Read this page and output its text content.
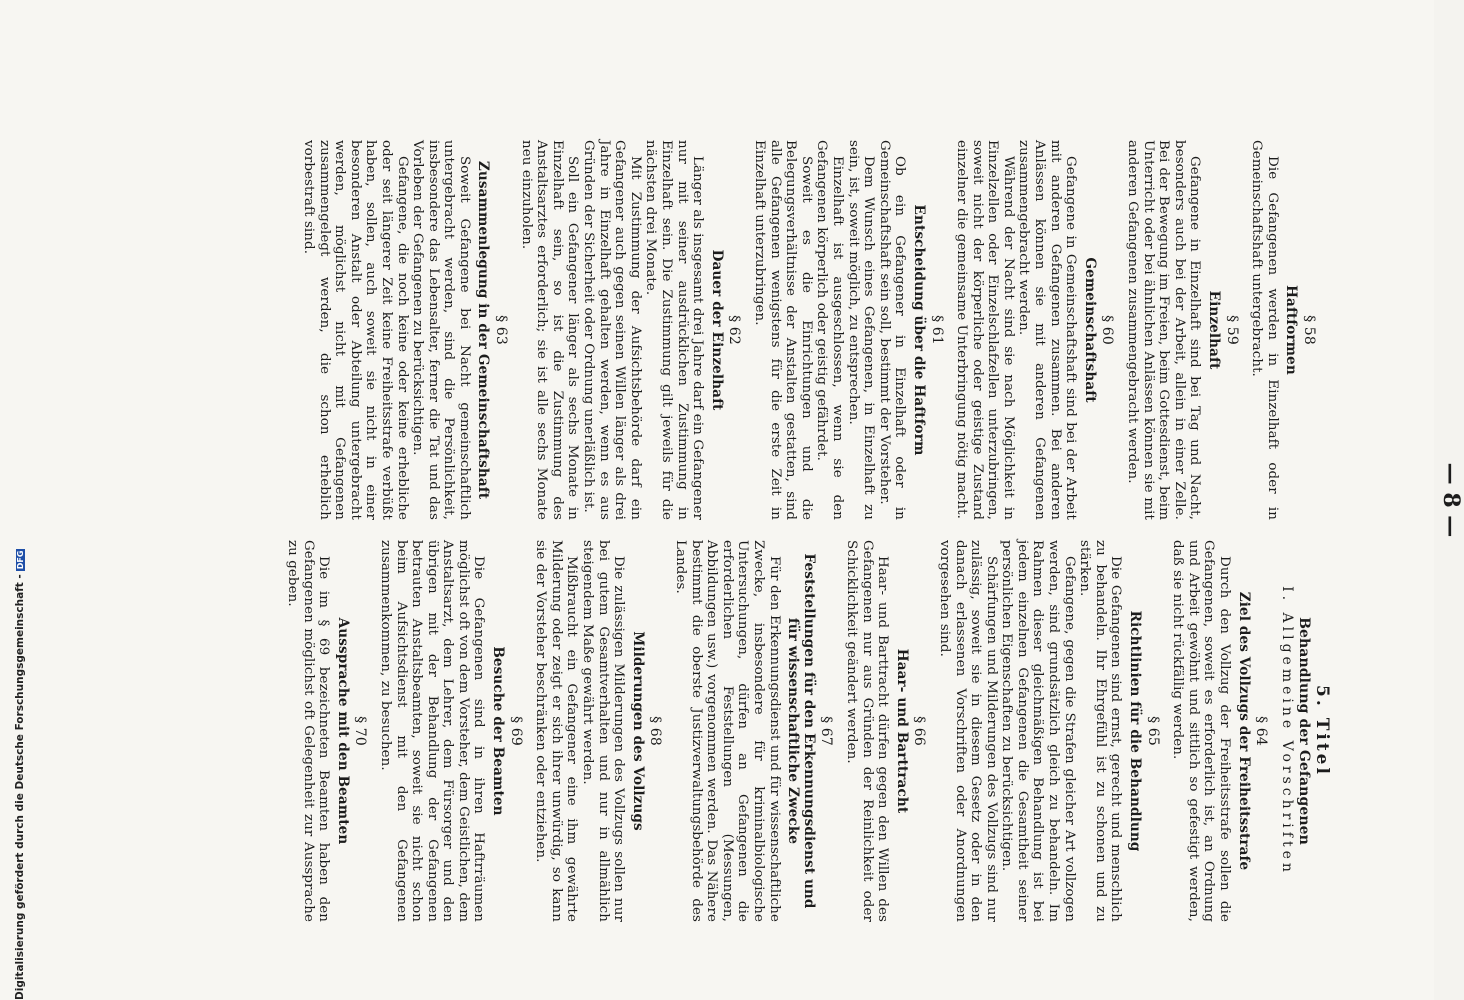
— 8 —
§ 58
Haftformen

Die Gefangenen werden in Einzelhaft oder in Gemeinschaftshaft untergebracht.

§ 59
Einzelhaft

Gefangene in Einzelhaft sind bei Tag und Nacht, besonders auch bei der Arbeit, allein in einer Zelle. Bei der Bewegung im Freien, beim Gottesdienst, beim Unterricht oder bei ähnlichen Anlässen können sie mit anderen Gefangenen zusammengebracht werden.

§ 60
Gemeinschaftshaft

Gefangene in Gemeinschaftshaft sind bei der Arbeit mit anderen Gefangenen zusammen. Bei anderen Anlässen können sie mit anderen Gefangenen zusammengebracht werden.

Während der Nacht sind sie nach Möglichkeit in Einzelzellen oder Einzelschlafzellen unterzubringen, soweit nicht der körperliche oder geistige Zustand einzelner die gemeinsame Unterbringung nötig macht.

§ 61
Entscheidung über die Haftform

Ob ein Gefangener in Einzelhaft oder in Gemeinschaftshaft sein soll, bestimmt der Vorsteher.

Dem Wunsch eines Gefangenen, in Einzelhaft zu sein, ist, soweit möglich, zu entsprechen.

Einzelhaft ist ausgeschlossen, wenn sie den Gefangenen körperlich oder geistig gefährdet.

Soweit es die Einrichtungen und die Belegungsverhältnisse der Anstalten gestatten, sind alle Gefangenen wenigstens für die erste Zeit in Einzelhaft unterzubringen.

§ 62
Dauer der Einzelhaft

Länger als insgesamt drei Jahre darf ein Gefangener nur mit seiner ausdrücklichen Zustimmung in Einzelhaft sein. Die Zustimmung gilt jeweils für die nächsten drei Monate.

Mit Zustimmung der Aufsichtsbehörde darf ein Gefangener auch gegen seinen Willen länger als drei Jahre in Einzelhaft gehalten werden, wenn es aus Gründen der Sicherheit oder Ordnung unerläßlich ist.

Soll ein Gefangener länger als sechs Monate in Einzelhaft sein, so ist die Zustimmung des Anstaltsarztes erforderlich; sie ist alle sechs Monate neu einzuholen.

§ 63
Zusammenlegung in der Gemeinschaftshaft

Soweit Gefangene bei Nacht gemeinschaftlich untergebracht werden, sind die Persönlichkeit, insbesondere das Lebensalter, ferner die Tat und das Vorleben der Gefangenen zu berücksichtigen.

Gefangene, die noch keine oder keine erhebliche oder seit längerer Zeit keine Freiheitsstrafe verbüßt haben, sollen, auch soweit sie nicht in einer besonderen Anstalt oder Abteilung untergebracht werden, möglichst nicht mit Gefangenen zusammengelegt werden, die schon erheblich vorbestraft sind.

5. Titel
Behandlung der Gefangenen
I. Allgemeine Vorschriften
§ 64
Ziel des Vollzugs der Freiheitsstrafe

Durch den Vollzug der Freiheitsstrafe sollen die Gefangenen, soweit es erforderlich ist, an Ordnung und Arbeit gewöhnt und sittlich so gefestigt werden, daß sie nicht rückfällig werden.

§ 65
Richtlinien für die Behandlung

Die Gefangenen sind ernst, gerecht und menschlich zu behandeln. Ihr Ehrgefühl ist zu schonen und zu stärken.

Gefangene, gegen die Strafen gleicher Art vollzogen werden, sind grundsätzlich gleich zu behandeln. Im Rahmen dieser gleichmäßigen Behandlung ist bei jedem einzelnen Gefangenen die Gesamtheit seiner persönlichen Eigenschaften zu berücksichtigen.

Schärfungen und Milderungen des Vollzugs sind nur zulässig, soweit sie in diesem Gesetz oder in den danach erlassenen Vorschriften oder Anordnungen vorgesehen sind.

§ 66
Haar- und Barttracht

Haar- und Barttracht dürfen gegen den Willen des Gefangenen nur aus Gründen der Reinlichkeit oder Schicklichkeit geändert werden.

§ 67
Feststellungen für den Erkennungsdienst und für wissenschaftliche Zwecke

Für den Erkennungsdienst und für wissenschaftliche Zwecke, insbesondere für kriminalbiologische Untersuchungen, dürfen an Gefangenen die erforderlichen Feststellungen (Messungen, Abbildungen usw.) vorgenommen werden. Das Nähere bestimmt die oberste Justizverwaltungsbehörde des Landes.

§ 68
Milderungen des Vollzugs

Die zulässigen Milderungen des Vollzugs sollen nur bei gutem Gesamtverhalten und nur in allmählich steigendem Maße gewährt werden.

Mißbraucht ein Gefangener eine ihm gewährte Milderung oder zeigt er sich ihrer unwürdig, so kann sie der Vorsteher beschränken oder entziehen.

§ 69
Besuche der Beamten

Die Gefangenen sind in ihren Haftrräumen möglichst oft von dem Vorsteher, dem Geistlichen, dem Anstaltsarzt, dem Lehrer, dem Fürsorger und den übrigen mit der Behandlung der Gefangenen betrauten Anstaltsbeamten, soweit sie nicht schon beim Aufsichtsdienst mit den Gefangenen zusammenkommen, zu besuchen.

§ 70
Aussprache mit den Beamten

Die im § 69 bezeichneten Beamten haben den Gefangenen möglichst oft Gelegenheit zur Aussprache zu geben.

Digitalisierung gefördert durch die Deutsche Forschungsgemeinschaft -DFG
